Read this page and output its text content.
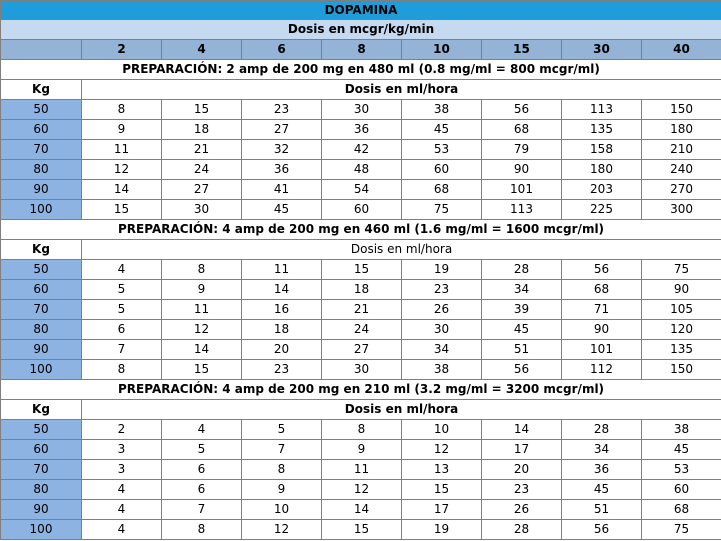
DOPAMINA								
Dosis en mcgr/kg/min								
	2	4	6	8	10	15	30	40
PREPARACIÓN: 2 amp de 200 mg en 480 ml (0.8 mg/ml = 800 mcgr/ml)								
Kg	Dosis en ml/hora							
50	8	15	23	30	38	56	113	150
60	9	18	27	36	45	68	135	180
70	11	21	32	42	53	79	158	210
80	12	24	36	48	60	90	180	240
90	14	27	41	54	68	101	203	270
100	15	30	45	60	75	113	225	300
PREPARACIÓN: 4 amp de 200 mg en 460 ml (1.6 mg/ml = 1600 mcgr/ml)								
Kg	Dosis en ml/hora							
50	4	8	11	15	19	28	56	75
60	5	9	14	18	23	34	68	90
70	5	11	16	21	26	39	71	105
80	6	12	18	24	30	45	90	120
90	7	14	20	27	34	51	101	135
100	8	15	23	30	38	56	112	150
PREPARACIÓN: 4 amp de 200 mg en 210 ml (3.2 mg/ml = 3200 mcgr/ml)								
Kg	Dosis en ml/hora							
50	2	4	5	8	10	14	28	38
60	3	5	7	9	12	17	34	45
70	3	6	8	11	13	20	36	53
80	4	6	9	12	15	23	45	60
90	4	7	10	14	17	26	51	68
100	4	8	12	15	19	28	56	75
